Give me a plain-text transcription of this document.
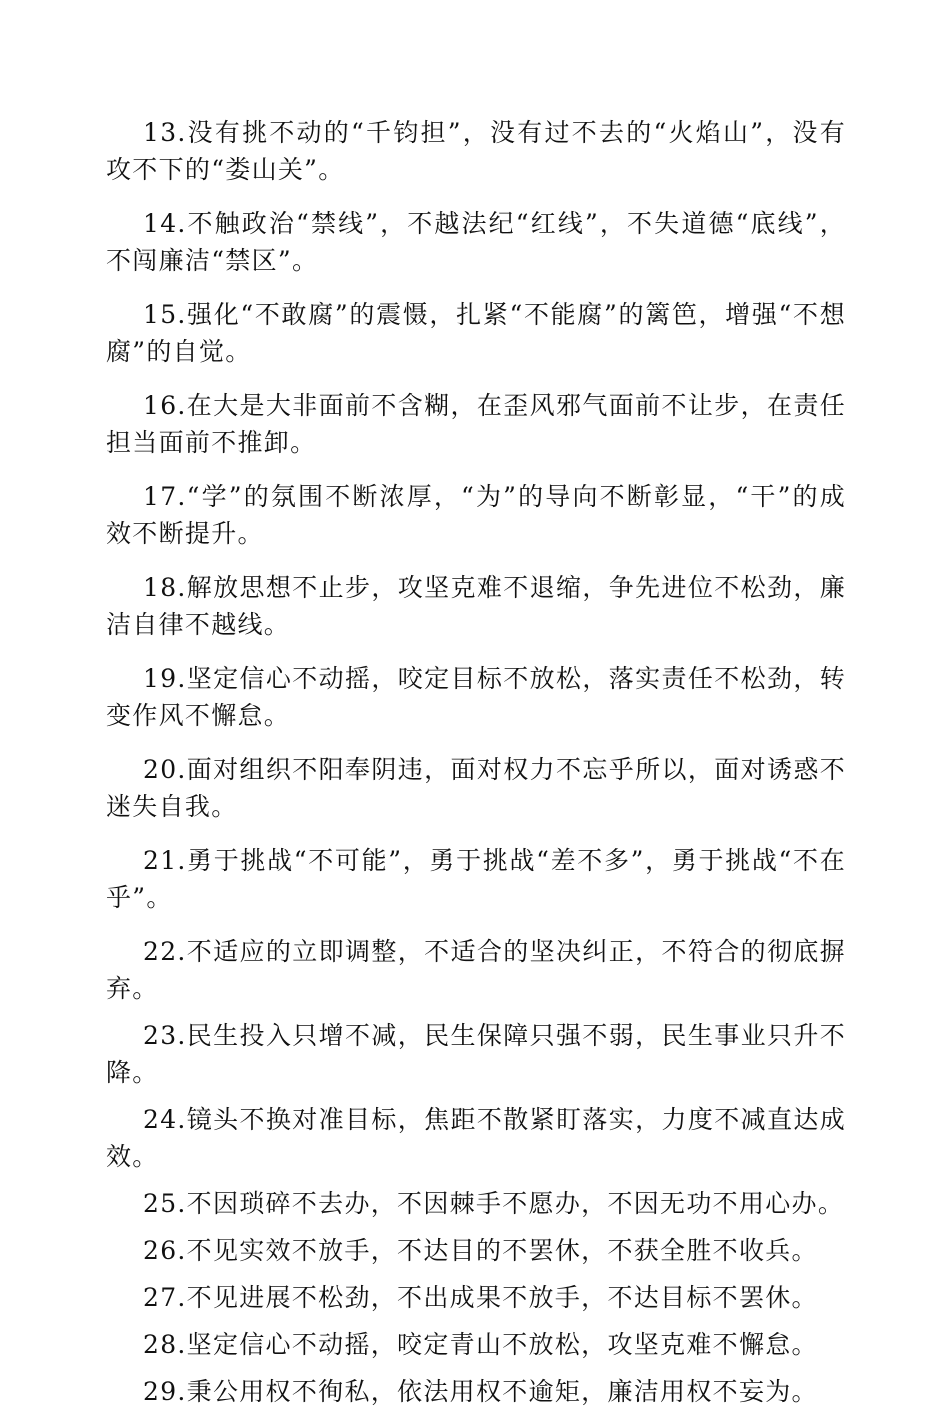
13.没有挑不动的“千钧担”，没有过不去的“火焰山”，没有攻不下的“娄山关”。

14.不触政治“禁线”，不越法纪“红线”，不失道德“底线”，不闯廉洁“禁区”。

15.强化“不敢腐”的震慑，扎紧“不能腐”的篱笆，增强“不想腐”的自觉。

16.在大是大非面前不含糊，在歪风邪气面前不让步，在责任担当面前不推卸。

17.“学”的氛围不断浓厚，“为”的导向不断彰显，“干”的成效不断提升。

18.解放思想不止步，攻坚克难不退缩，争先进位不松劲，廉洁自律不越线。

19.坚定信心不动摇，咬定目标不放松，落实责任不松劲，转变作风不懈怠。

20.面对组织不阳奉阴违，面对权力不忘乎所以，面对诱惑不迷失自我。

21.勇于挑战“不可能”，勇于挑战“差不多”，勇于挑战“不在乎”。

22.不适应的立即调整，不适合的坚决纠正，不符合的彻底摒弃。

23.民生投入只增不减，民生保障只强不弱，民生事业只升不降。

24.镜头不换对准目标，焦距不散紧盯落实，力度不减直达成效。

25.不因琐碎不去办，不因棘手不愿办，不因无功不用心办。

26.不见实效不放手，不达目的不罢休，不获全胜不收兵。

27.不见进展不松劲，不出成果不放手，不达目标不罢休。

28.坚定信心不动摇，咬定青山不放松，攻坚克难不懈怠。

29.秉公用权不徇私，依法用权不逾矩，廉洁用权不妄为。
